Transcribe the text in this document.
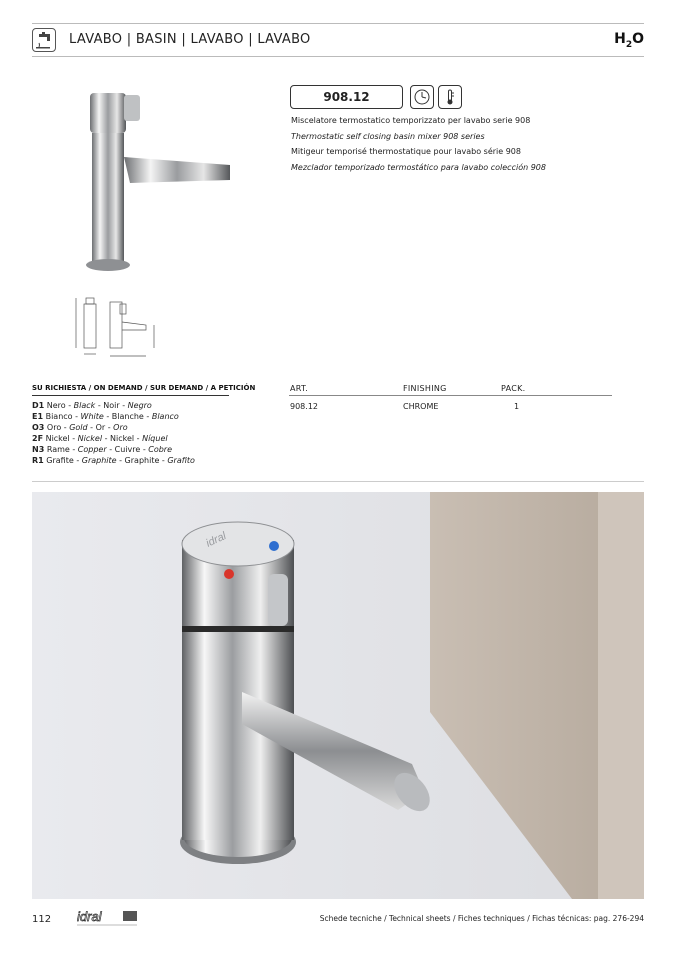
LAVABO | BASIN | LAVABO | LAVABO	$H_2O$
908.12
Miscelatore termostatico temporizzato per lavabo serie 908
Thermostatic self closing basin mixer 908 series
Mitigeur temporisé thermostatique pour lavabo série 908
Mezclador temporizado termostático para lavabo colección 908
SU RICHIESTA / ON DEMAND / SUR DEMAND / A PETICIÓN
D1 Nero - Black - Noir - Negro
E1 Bianco - White - Blanche - Blanco
O3 Oro - Gold - Or - Oro
2F Nickel - Nickel - Nickel - Níquel
N3 Rame - Copper - Cuivre - Cobre
R1 Grafite - Graphite - Graphite - Grafito
ART.	FINISHING	PACK.
908.12	CHROME	1
idral
112 idral	Schede tecniche / Technical sheets / Fiches techniques / Fichas técnicas: pag. 276-294
